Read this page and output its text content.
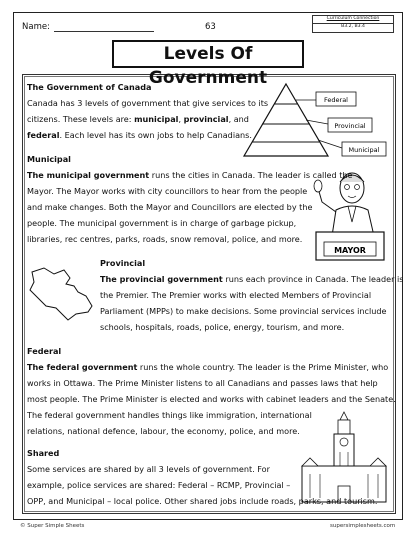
Name:	63
Curriculum Connection
B3.2, B3.4
Levels Of Government
Federal
Provincial
Municipal
MAYOR
The Government of Canada
Canada has 3 levels of government that give services to its
citizens. These levels are: municipal, provincial, and
federal. Each level has its own jobs to help Canadians.
Municipal
The municipal government runs the cities in Canada. The leader is called the
Mayor. The Mayor works with city councillors to hear from the people
and make changes. Both the Mayor and Councillors are elected by the
people. The municipal government is in charge of garbage pickup,
libraries, rec centres, parks, roads, snow removal, police, and more.
Provincial
The provincial government runs each province in Canada. The leader is
the Premier. The Premier works with elected Members of Provincial
Parliament (MPPs) to make decisions. Some provincial services include
schools, hospitals, roads, police, energy, tourism, and more.
Federal
The federal government runs the whole country. The leader is the Prime Minister, who
works in Ottawa. The Prime Minister listens to all Canadians and passes laws that help
most people. The Prime Minister is elected and works with cabinet leaders and the Senate.
The federal government handles things like immigration, international
relations, national defence, labour, the economy, police, and more.
Shared
Some services are shared by all 3 levels of government. For
example, police services are shared: Federal – RCMP, Provincial –
OPP, and Municipal – local police. Other shared jobs include roads, parks, and tourism.
© Super Simple Sheets	supersimplesheets.com
